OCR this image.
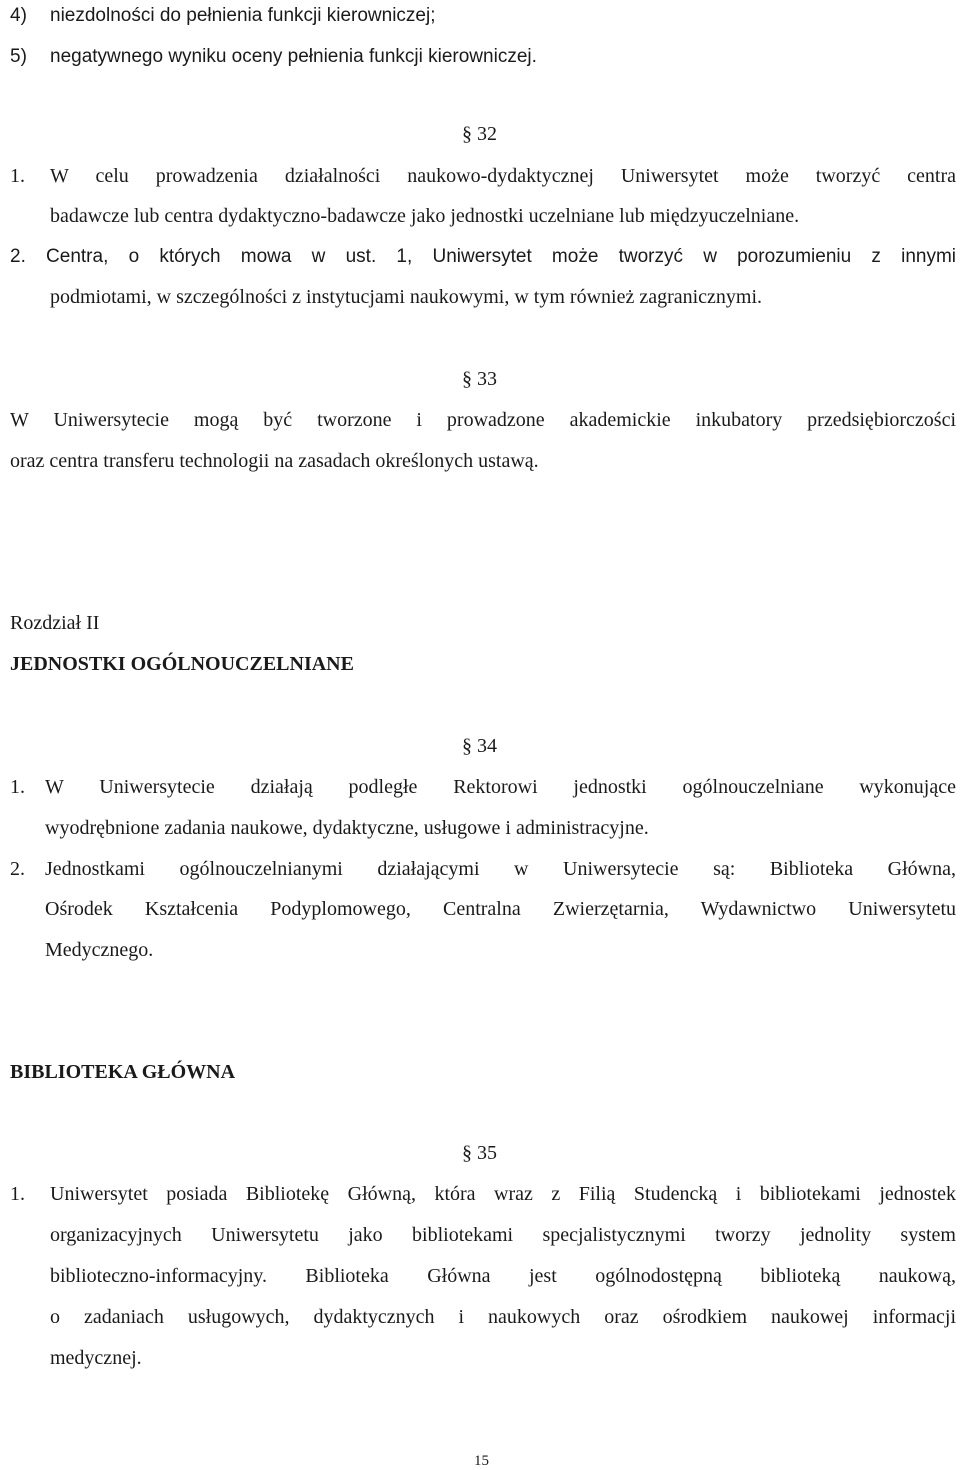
4) niezdolności do pełnienia funkcji kierowniczej;
5) negatywnego wyniku oceny pełnienia funkcji kierowniczej.
§ 32
1. W celu prowadzenia działalności naukowo-dydaktycznej Uniwersytet może tworzyć centra
badawcze lub centra dydaktyczno-badawcze jako jednostki uczelniane lub międzyuczelniane.
2. Centra, o których mowa w ust. 1, Uniwersytet może tworzyć w porozumieniu z innymi
podmiotami, w szczególności z instytucjami naukowymi, w tym również zagranicznymi.
§ 33
W Uniwersytecie mogą być tworzone i prowadzone akademickie inkubatory przedsiębiorczości
oraz centra transferu technologii na zasadach określonych ustawą.
Rozdział II
JEDNOSTKI OGÓLNOUCZELNIANE
§ 34
1. W Uniwersytecie działają podległe Rektorowi jednostki ogólnouczelniane wykonujące
wyodrębnione zadania naukowe, dydaktyczne, usługowe i administracyjne.
2. Jednostkami ogólnouczelnianymi działającymi w Uniwersytecie są: Biblioteka Główna,
Ośrodek Kształcenia Podyplomowego, Centralna Zwierzętarnia, Wydawnictwo Uniwersytetu
Medycznego.
BIBLIOTEKA GŁÓWNA
§ 35
1. Uniwersytet posiada Bibliotekę Główną, która wraz z Filią Studencką i bibliotekami jednostek
organizacyjnych Uniwersytetu jako bibliotekami specjalistycznymi tworzy jednolity system
biblioteczno-informacyjny. Biblioteka Główna jest ogólnodostępną biblioteką naukową,
o zadaniach usługowych, dydaktycznych i naukowych oraz ośrodkiem naukowej informacji
medycznej.
15
